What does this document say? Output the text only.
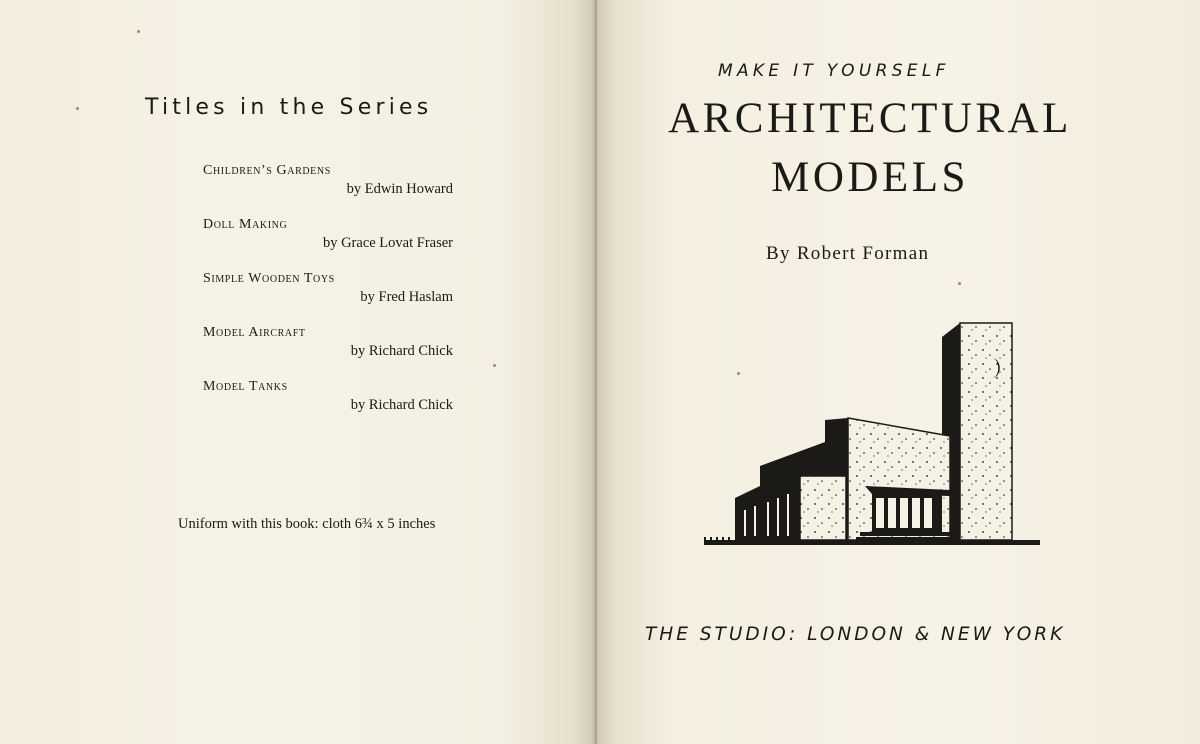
Titles in the Series
Children’s Gardens
by Edwin Howard
Doll Making
by Grace Lovat Fraser
Simple Wooden Toys
by Fred Haslam
Model Aircraft
by Richard Chick
Model Tanks
by Richard Chick
Uniform with this book: cloth 6¾ x 5 inches
MAKE IT YOURSELF
ARCHITECTURAL
MODELS
By Robert Forman
THE STUDIO: LONDON & NEW YORK
